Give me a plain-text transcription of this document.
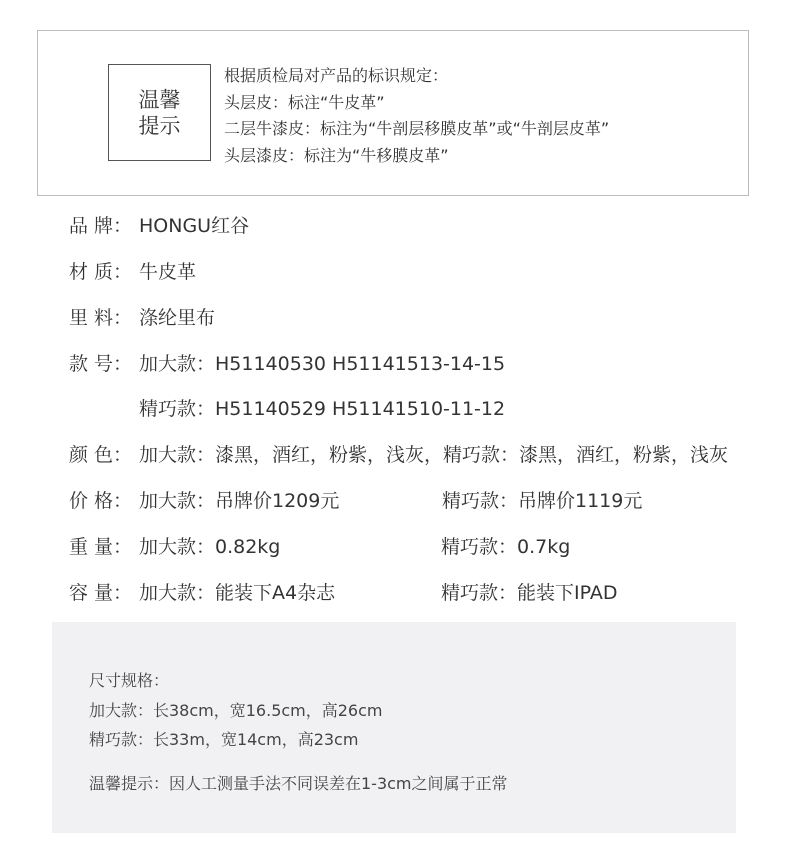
温馨
提示
根据质检局对产品的标识规定：
头层皮：标注“牛皮革”
二层牛漆皮：标注为“牛剖层移膜皮革”或“牛剖层皮革”
头层漆皮：标注为“牛移膜皮革”
品 牌： HONGU红谷
材 质： 牛皮革
里 料： 涤纶里布
款 号： 加大款：H51140530 H51141513-14-15
精巧款：H51140529 H51141510-11-12
颜 色： 加大款：漆黑，酒红，粉紫，浅灰，精巧款：漆黑，酒红，粉紫，浅灰
价 格： 加大款：吊牌价1209元	精巧款：吊牌价1119元
重 量： 加大款：0.82kg	精巧款：0.7kg
容 量： 加大款：能装下A4杂志	精巧款：能装下IPAD
尺寸规格：
加大款：长38cm，宽16.5cm，高26cm
精巧款：长33m，宽14cm，高23cm
温馨提示：因人工测量手法不同误差在1-3cm之间属于正常
